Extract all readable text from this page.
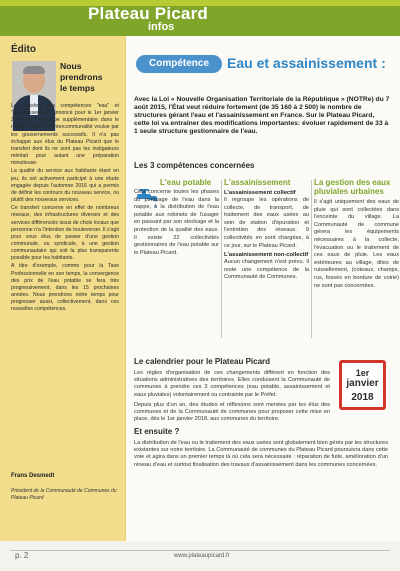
Plateau Picard
infos
Édito
Nous
prendrons
le temps

Le transfert des compétences "eau" et "assainissement" annoncé pour le 1er janvier 2018 est une étape supplémentaire dans le renforcement de l'intercommunalité voulue par les gouvernements successifs. Il n'a pas échappé aux élus du Plateau Picard que le transfert dont ils ne sont pas les instigateurs méritait pour autant une préparation minutieuse.

La qualité du service aux habitants étant en jeu, ils ont activement participé à une étude engagée depuis l'automne 2016 qui a permis de définir les contours du nouveau service, ou plutôt des nouveaux services.

Ce transfert concerne en effet de nombreux réseaux, des infrastructures diverses et des services différenciés issus de choix locaux que personne n'a l'intention de bouleverser. Il s'agit pour vous élus de passer d'une gestion communale, ou syndicale, à une gestion communautaire qui soit la plus transparente possible pour les habitants.

A titre d'exemple, comme pour la Taxe Professionnelle en son temps, la convergence des prix de l'eau potable se fera très progressivement, dans les 15 prochaines années. Nous prendrons notre temps pour progresser aussi, collectivement, dans ces nouvelles compétences.

Frans Desmedt
Président de la Communauté de Communes du Plateau Picard
Compétence	Eau et assainissement :
Avec la Loi « Nouvelle Organisation Territoriale de la République » (NOTRe) du 7 août 2015, l'État veut réduire fortement (de 35 160 à 2 500) le nombre de structures gérant l'eau et l'assainissement en France. Sur le Plateau Picard, cette loi va entraîner des modifications importantes: évoluer rapidement de 33 à 1 seule structure gestionnaire de l'eau.
Les 3 compétences concernées
L'eau potable
Cela concerne toutes les phases du pompage de l'eau dans la nappe, à la distribution de l'eau potable aux robinets de l'usager en passant par son stockage et la protection de la qualité des eaux. Il existe 22 collectivités gestionnaires de l'eau potable sur le Plateau Picard.
L'assainissement
L'assainissement collectif
Il regroupe les opérations de collecte, de transport, de traitement des eaux usées au sein de station d'épuration et l'entretien des réseaux. 9 collectivités en sont chargées, à ce jour, sur le Plateau Picard.
L'assainissement non-collectif
Aucun changement n'est prévu. Il reste une compétence de la Communauté de Communes.
La gestion des eaux pluviales urbaines
Il s'agit uniquement des eaux de pluie qui sont collectées dans l'enceinte du village. La Communauté de commune gérera les équipements nécessaires à la collecte, l'évacuation ou le traitement de ces eaux de pluie. Les eaux extérieures au village, dites de ruissellement, (coteaux, champs, rus, fossés en bordure de voirie) ne sont pas concernées.
Le calendrier pour le Plateau Picard

Les règles d'organisation de ces changements diffèrent en fonction des situations administratives des territoires. Elles conduisent la Communauté de communes à prendre ces 3 compétences (eau potable, assainissement et eaux pluviales) volontairement ou contrainte par le Préfet.

Depuis plus d'un an, des études et réflexions sont menées par les élus des communes et de la Communauté de communes pour proposer cette mise en place, dès le 1er janvier 2018, aux communes du territoire.

1er
janvier
2018
Et ensuite ?
La distribution de l'eau ou le traitement des eaux usées sont globalement bien gérés par les structures existantes sur notre territoire. La Communauté de communes du Plateau Picard poursuivra dans cette voie et agira dans un premier temps là où cela sera nécessaire : réparation de fuite, amélioration d'un réseau d'eau et surtout finalisation des travaux d'assainissement dans les communes concernées.
p. 2	www.plateaupicard.fr
